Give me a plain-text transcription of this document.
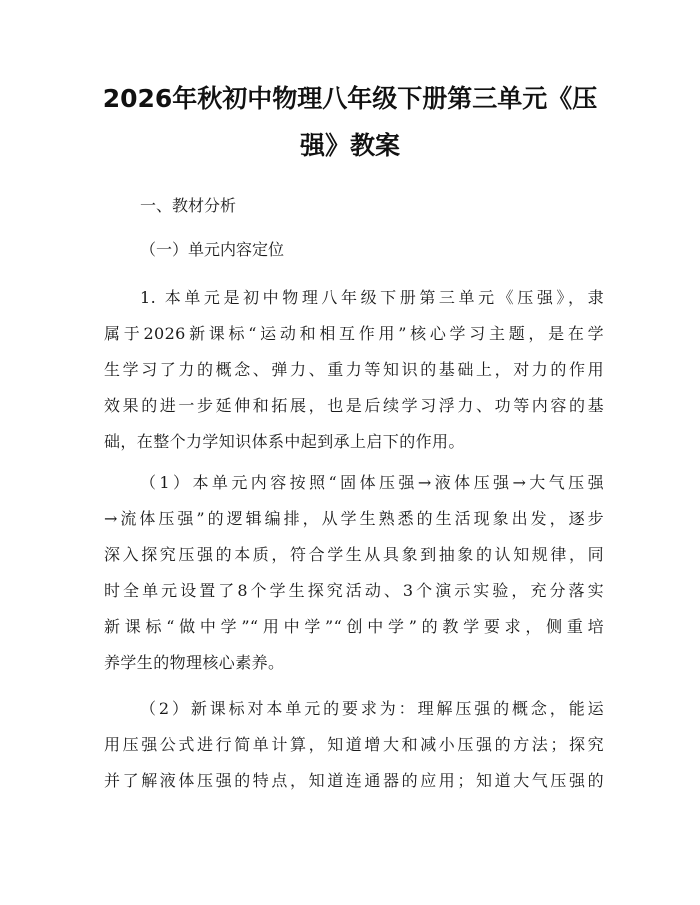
2026年秋初中物理八年级下册第三单元《压
强》教案

一、教材分析

（一）单元内容定位

1. 本单元是初中物理八年级下册第三单元《压强》，隶
属于2026新课标“运动和相互作用”核心学习主题，是在学
生学习了力的概念、弹力、重力等知识的基础上，对力的作用
效果的进一步延伸和拓展，也是后续学习浮力、功等内容的基
础，在整个力学知识体系中起到承上启下的作用。
（1）本单元内容按照“固体压强→液体压强→大气压强
→流体压强”的逻辑编排，从学生熟悉的生活现象出发，逐步
深入探究压强的本质，符合学生从具象到抽象的认知规律，同
时全单元设置了8个学生探究活动、3个演示实验，充分落实
新课标“做中学”“用中学”“创中学”的教学要求，侧重培
养学生的物理核心素养。
（2）新课标对本单元的要求为：理解压强的概念，能运
用压强公式进行简单计算，知道增大和减小压强的方法；探究
并了解液体压强的特点，知道连通器的应用；知道大气压强的
